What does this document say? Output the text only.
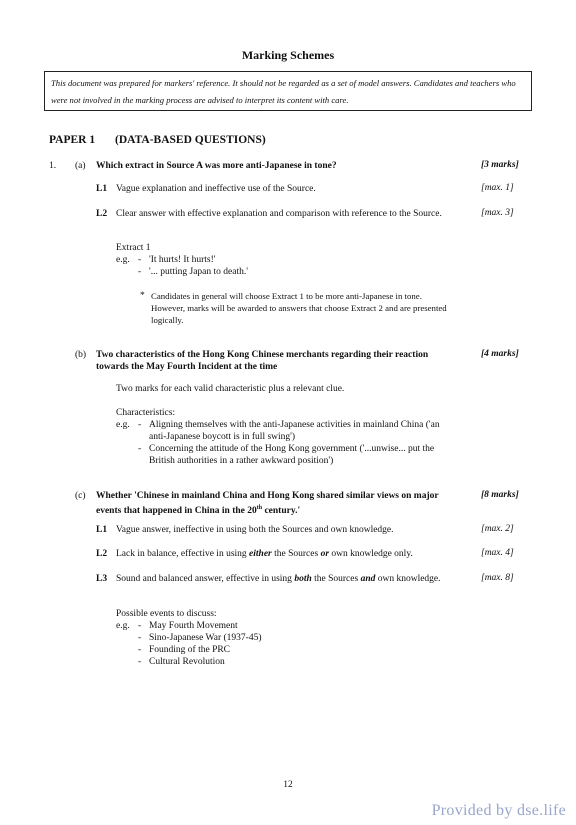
Marking Schemes
This document was prepared for markers' reference. It should not be regarded as a set of model answers. Candidates and teachers who were not involved in the marking process are advised to interpret its content with care.
PAPER 1 (DATA-BASED QUESTIONS)
1. (a) Which extract in Source A was more anti-Japanese in tone?	[3 marks]
L1 Vague explanation and ineffective use of the Source.	[max. 1]
L2 Clear answer with effective explanation and comparison with reference to the Source.	[max. 3]
Extract 1
e.g. - 'It hurts! It hurts!'
- '... putting Japan to death.'
* Candidates in general will choose Extract 1 to be more anti-Japanese in tone. However, marks will be awarded to answers that choose Extract 2 and are presented logically.
(b) Two characteristics of the Hong Kong Chinese merchants regarding their reaction towards the May Fourth Incident at the time
[4 marks]
Two marks for each valid characteristic plus a relevant clue.
Characteristics:
e.g. - Aligning themselves with the anti-Japanese activities in mainland China ('an anti-Japanese boycott is in full swing')
- Concerning the attitude of the Hong Kong government ('...unwise... put the British authorities in a rather awkward position')
(c) Whether 'Chinese in mainland China and Hong Kong shared similar views on major events that happened in China in the 20th century.'
[8 marks]
L1 Vague answer, ineffective in using both the Sources and own knowledge.	[max. 2]
L2 Lack in balance, effective in using either the Sources or own knowledge only.	[max. 4]
L3 Sound and balanced answer, effective in using both the Sources and own knowledge.	[max. 8]
Possible events to discuss:
e.g. - May Fourth Movement
- Sino-Japanese War (1937-45)
- Founding of the PRC
- Cultural Revolution
12
Provided by dse.life
